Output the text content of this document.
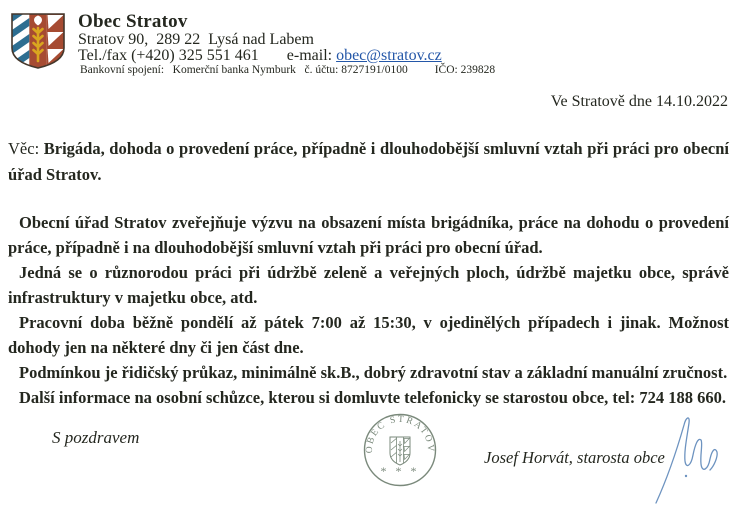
Obec Stratov
Stratov 90,  289 22  Lysá nad Labem
Tel./fax (+420) 325 551 461 e-mail: obec@stratov.cz
Bankovní spojení:   Komerční banka Nymburk   č. účtu: 8727191/0100 IČO: 239828
Ve Stratově dne 14.10.2022
Věc: Brigáda, dohoda o provedení práce, případně i dlouhodobější smluvní vztah při práci pro obecní úřad Stratov.

Obecní úřad Stratov zveřejňuje výzvu na obsazení místa brigádníka, práce na dohodu o provedení práce, případně i na dlouhodobější smluvní vztah při práci pro obecní úřad.

Jedná se o různorodou práci při údržbě zeleně a veřejných ploch, údržbě majetku obce, správě infrastruktury v majetku obce, atd.

Pracovní doba běžně pondělí až pátek 7:00 až 15:30, v ojedinělých případech i jinak. Možnost dohody jen na některé dny či jen část dne.

Podmínkou je řidičský průkaz, minimálně sk.B., dobrý zdravotní stav a základní manuální zručnost.

Další informace na osobní schůzce, kterou si domluvte telefonicky se starostou obce, tel: 724 188 660.

S pozdravem
OBEC STRATOV
* * *
Josef Horvát, starosta obce
